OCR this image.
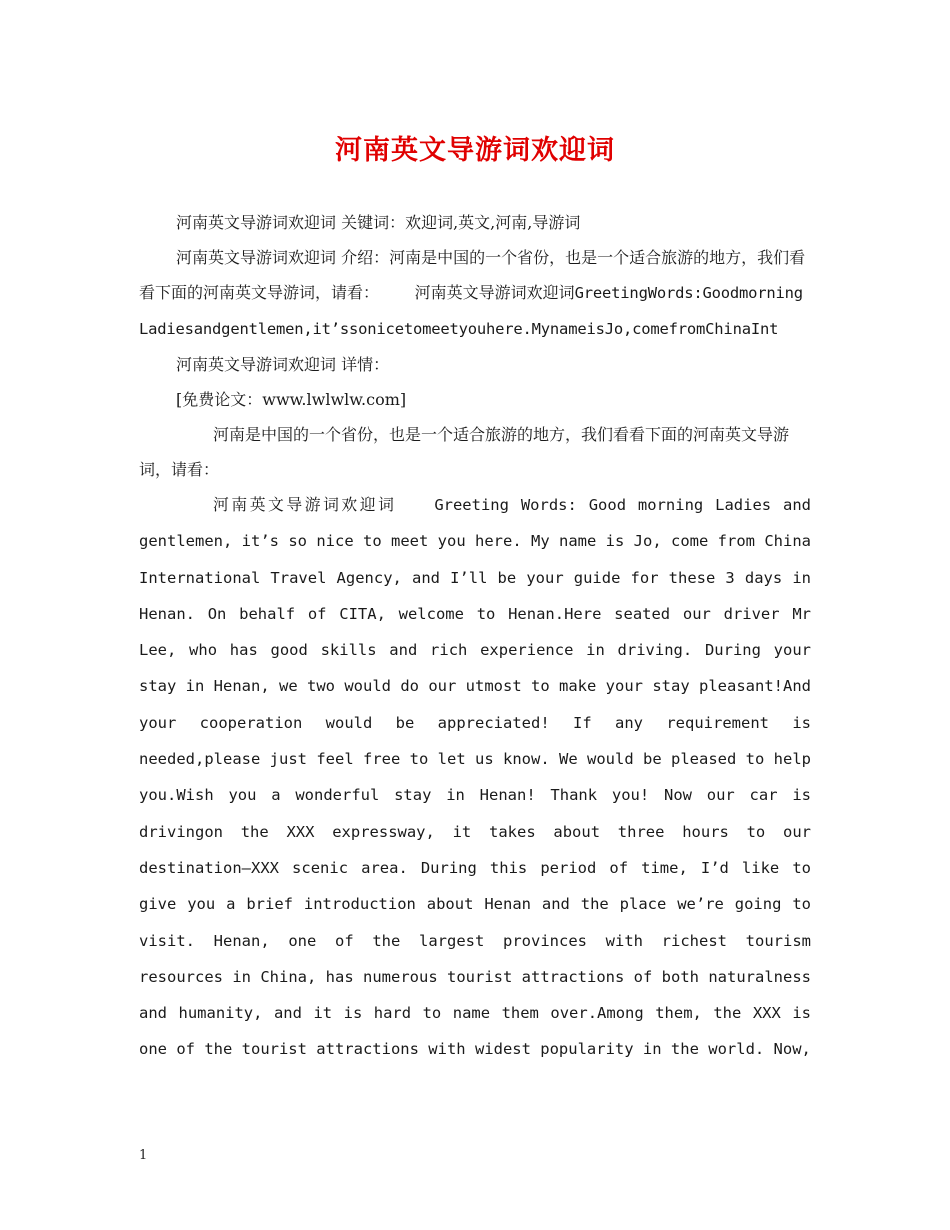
河南英文导游词欢迎词

河南英文导游词欢迎词 关键词：欢迎词,英文,河南,导游词

河南英文导游词欢迎词 介绍：河南是中国的一个省份，也是一个适合旅游的地方，我们看看下面的河南英文导游词，请看： 河南英文导游词欢迎词GreetingWords:GoodmorningLadiesandgentlemen,it’ssonicetomeetyouhere.MynameisJo,comefromChinaInt

河南英文导游词欢迎词 详情：

[免费论文：www.lwlwlw.com]

河南是中国的一个省份，也是一个适合旅游的地方，我们看看下面的河南英文导游词，请看：

河南英文导游词欢迎词 Greeting Words: Good morning Ladies and gentlemen, it’s so nice to meet you here. My name is Jo, come from China International Travel Agency, and I’ll be your guide for these 3 days in Henan. On behalf of CITA, welcome to Henan.Here seated our driver Mr Lee, who has good skills and rich experience in driving. During your stay in Henan, we two would do our utmost to make your stay pleasant!And your cooperation would be appreciated! If any requirement is needed,please just feel free to let us know. We would be pleased to help you.Wish you a wonderful stay in Henan! Thank you! Now our car is drivingon the XXX expressway, it takes about three hours to our destination—XXX scenic area. During this period of time, I’d like to give you a brief introduction about Henan and the place we’re going to visit. Henan, one of the largest provinces with richest tourism resources in China, has numerous tourist attractions of both naturalness and humanity, and it is hard to name them over.Among them, the XXX is one of the tourist attractions with widest popularity in the world. Now,

1
